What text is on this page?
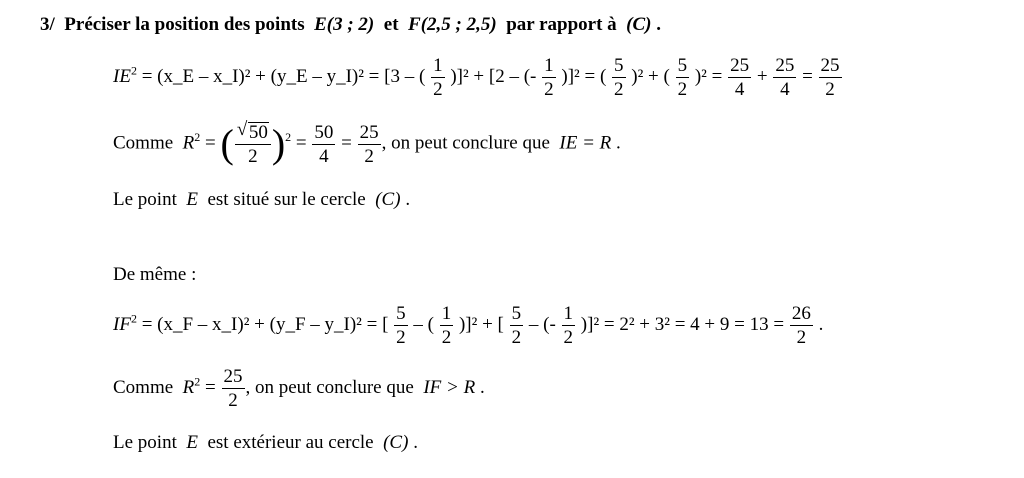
3/ Préciser la position des points E(3 ; 2) et F(2,5 ; 2,5) par rapport à (C) .
$IE^2$ = (x_E – x_I)² + (y_E – y_I)² = [3 – ( $\frac{1}{2} )]^2 + [2$ – (- $\frac{1}{2} )]^2$ = ( $\frac{5}{2} )^2$ + ( $\frac{5}{2} )^2 = \frac{25}{4} + \frac{25}{4} = \frac{25}{2}$
Comme $R^2$ = ( $\frac{√ 50}{2} )^2 = \frac{50}{4} = \frac{25}{2}$ , on peut conclure que IE = R .
Le point E est situé sur le cercle (C) .
De même :
$IF^2$ = (x_F – x_I)² + (y_F – y_I)² = [ $\frac{5}{2}$ – ( $\frac{1}{2} )]^2$ + [ $\frac{5}{2}$ – (- $\frac{1}{2} )]^2 = 2^2 + 3^2 = 4 + 9 = 13 = \frac{26}{2}$ .
Comme $R^2 = \frac{25}{2}$ , on peut conclure que IF > R .
Le point E est extérieur au cercle (C) .
